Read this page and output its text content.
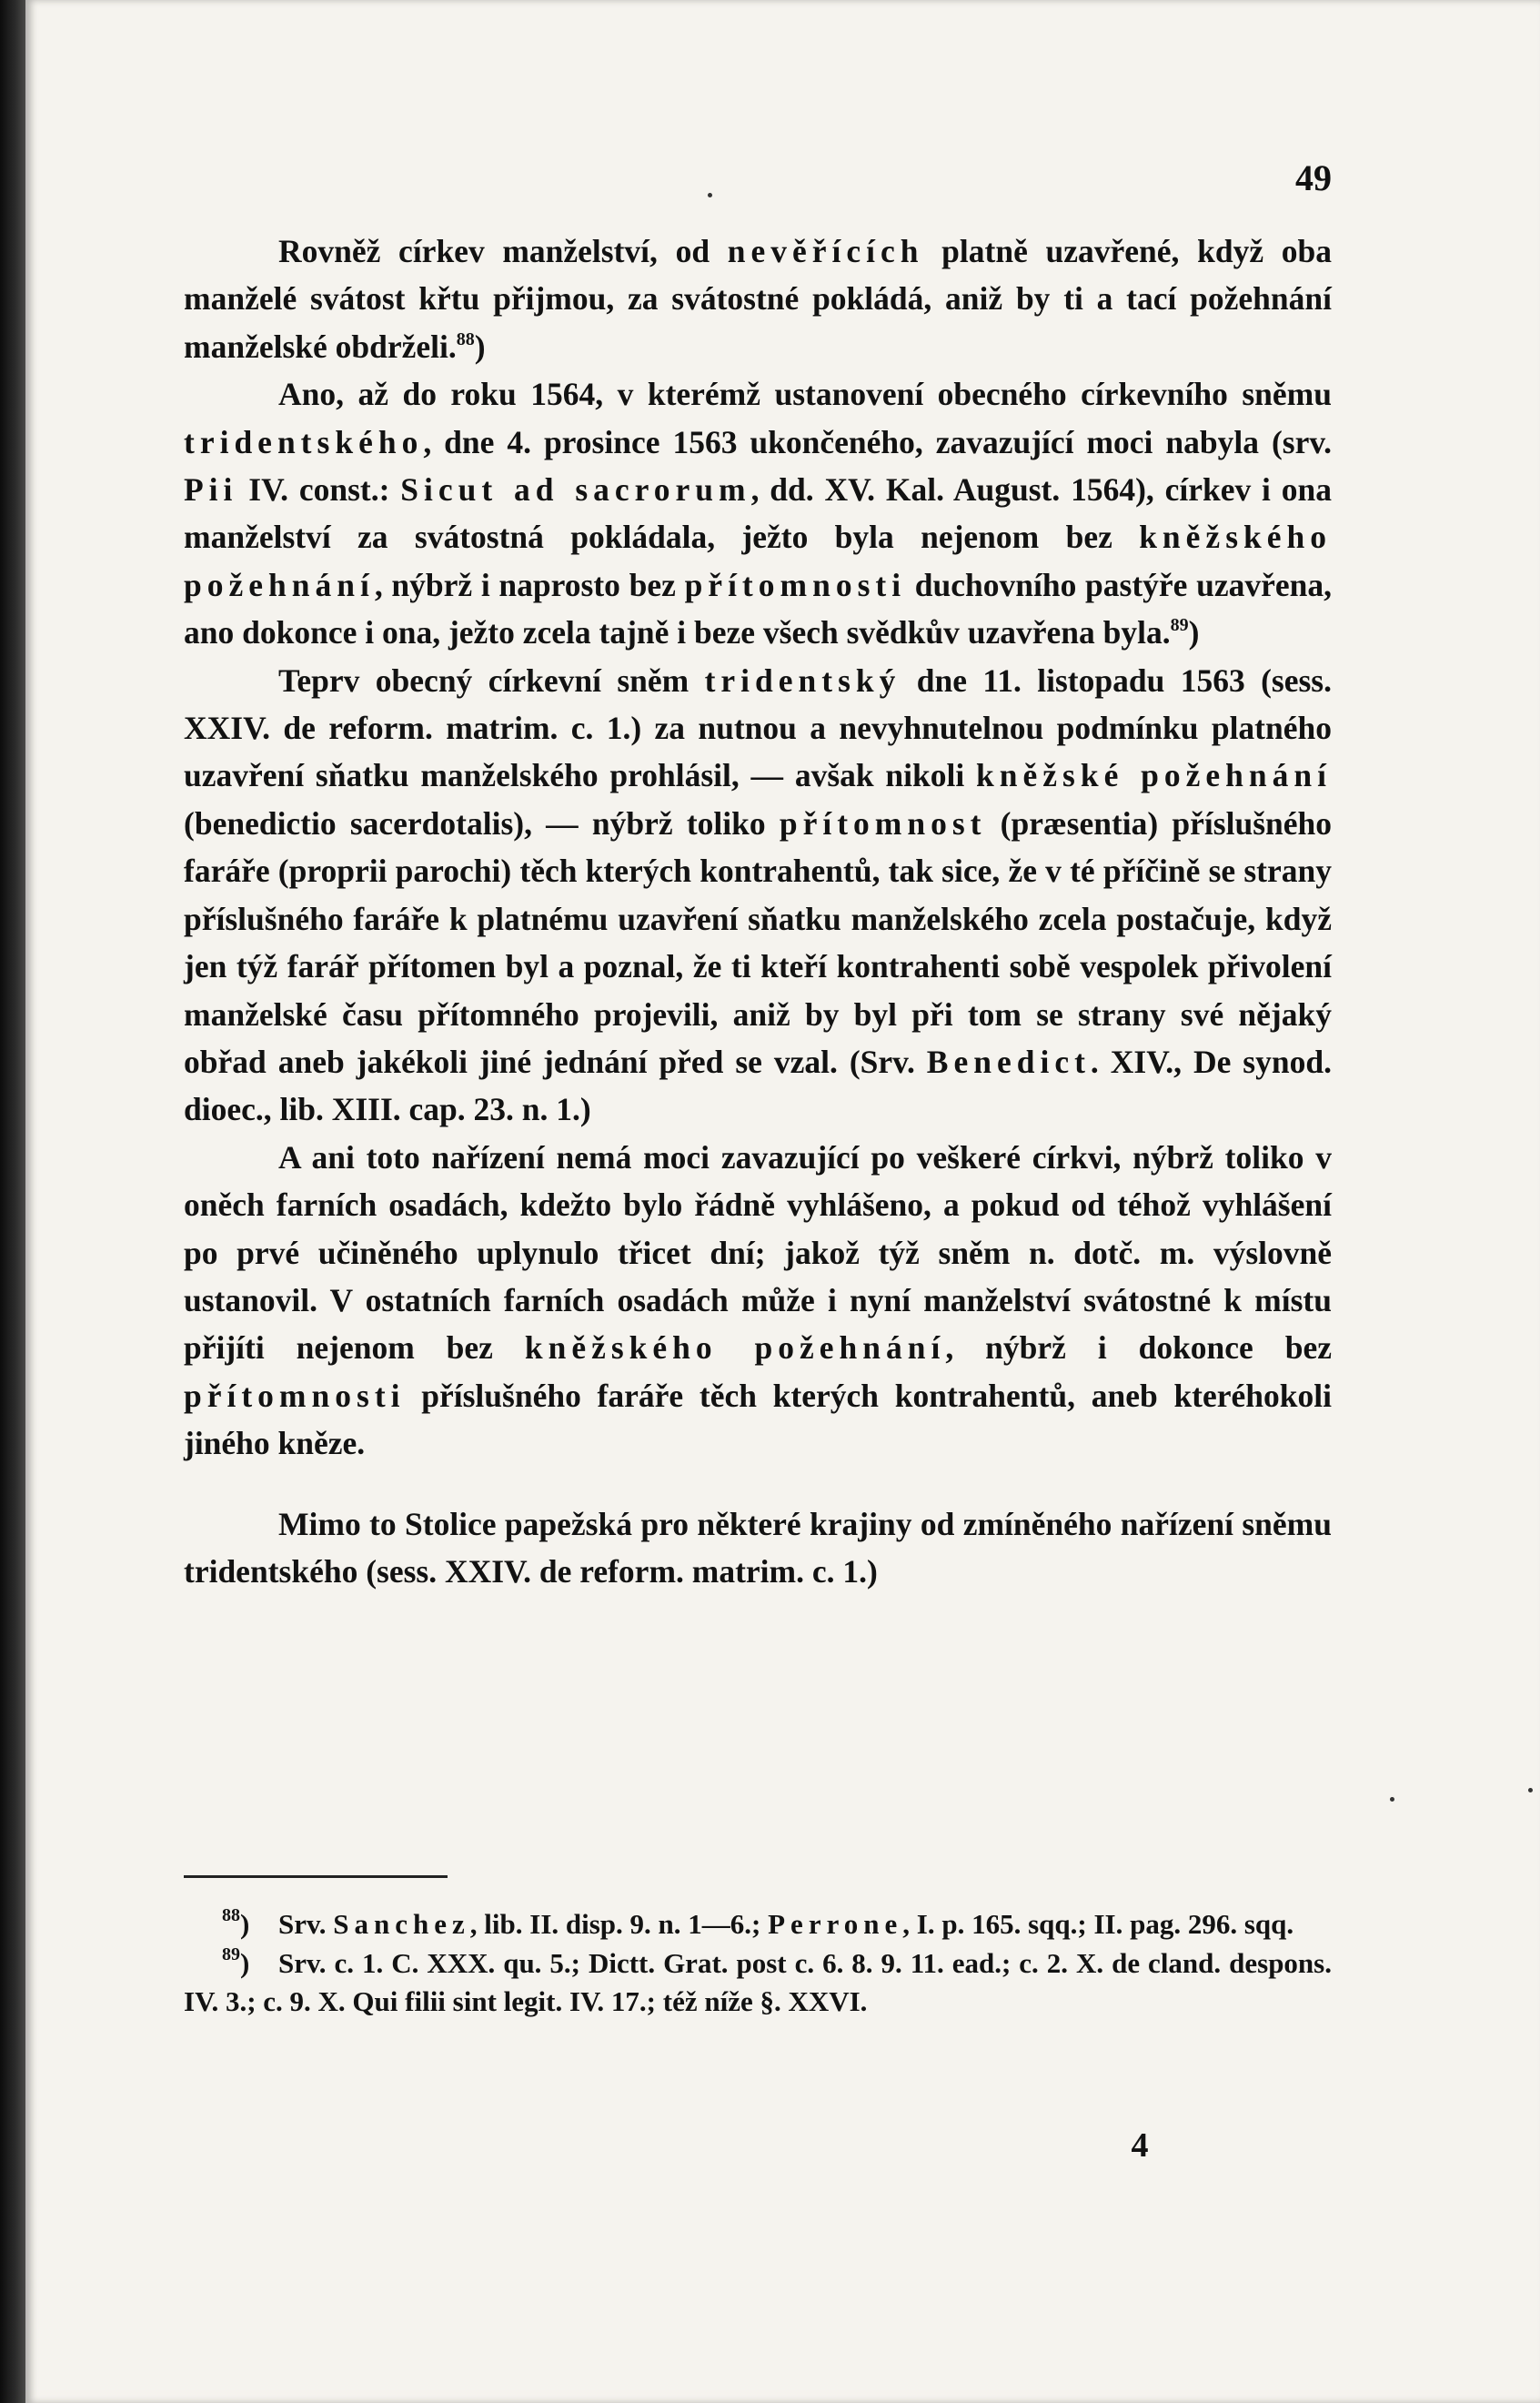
49

Rovněž církev manželství, od nevěřících platně uzavřené, když oba manželé svátost křtu přijmou, za svátostné pokládá, aniž by ti a tací požehnání manželské obdrželi.$^{88}$)

Ano, až do roku 1564, v kterémž ustanovení obecného církevního sněmu tridentského, dne 4. prosince 1563 ukončeného, zavazující moci nabyla (srv. Pii IV. const.: Sicut ad sacrorum, dd. XV. Kal. August. 1564), církev i ona manželství za svátostná pokládala, ježto byla nejenom bez kněžského požehnání, nýbrž i naprosto bez přítomnosti duchovního pastýře uzavřena, ano dokonce i ona, ježto zcela tajně i beze všech svědkův uzavřena byla.$^{89}$)

Teprv obecný církevní sněm tridentský dne 11. listopadu 1563 (sess. XXIV. de reform. matrim. c. 1.) za nutnou a nevyhnutelnou podmínku platného uzavření sňatku manželského prohlásil, — avšak nikoli kněžské požehnání (benedictio sacerdotalis), — nýbrž toliko přítomnost (præsentia) příslušného faráře (proprii parochi) těch kterých kontrahentů, tak sice, že v té příčině se strany příslušného faráře k platnému uzavření sňatku manželského zcela postačuje, když jen týž farář přítomen byl a poznal, že ti kteří kontrahenti sobě vespolek přivolení manželské času přítomného projevili, aniž by byl při tom se strany své nějaký obřad aneb jakékoli jiné jednání před se vzal. (Srv. Benedict. XIV., De synod. dioec., lib. XIII. cap. 23. n. 1.)

A ani toto nařízení nemá moci zavazující po veškeré církvi, nýbrž toliko v oněch farních osadách, kdežto bylo řádně vyhlášeno, a pokud od téhož vyhlášení po prvé učiněného uplynulo třicet dní; jakož týž sněm n. dotč. m. výslovně ustanovil. V ostatních farních osadách může i nyní manželství svátostné k místu přijíti nejenom bez kněžského požehnání, nýbrž i dokonce bez přítomnosti příslušného faráře těch kterých kontrahentů, aneb kteréhokoli jiného kněze.

Mimo to Stolice papežská pro některé krajiny od zmíněného nařízení sněmu tridentského (sess. XXIV. de reform. matrim. c. 1.)

$^{88}$)	Srv. Sanchez, lib. II. disp. 9. n. 1—6.; Perrone, I. p. 165. sqq.; II. pag. 296. sqq.
$^{89}$)	Srv. c. 1. C. XXX. qu. 5.; Dictt. Grat. post c. 6. 8. 9. 11. ead.; c. 2. X. de cland. despons. IV. 3.; c. 9. X. Qui filii sint legit. IV. 17.; též níže §. XXVI.
4
